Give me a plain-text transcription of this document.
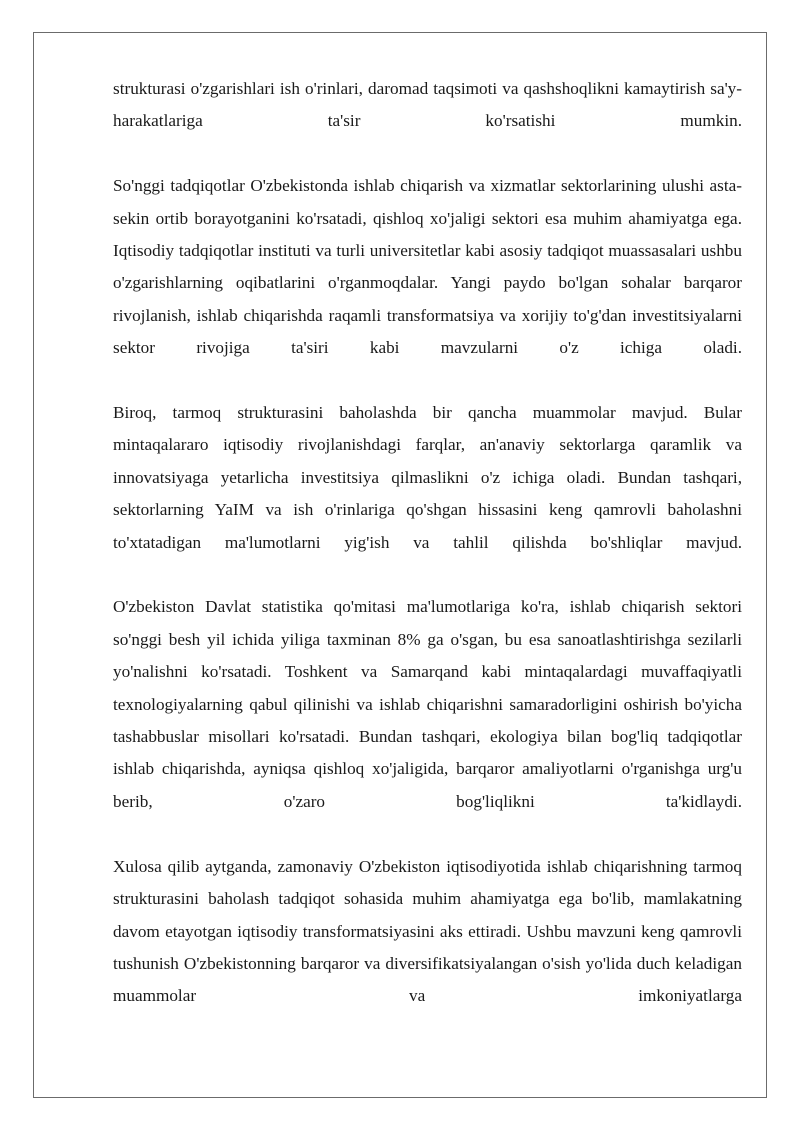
strukturasi o'zgarishlari ish o'rinlari, daromad taqsimoti va qashshoqlikni kamaytirish sa'y-harakatlariga ta'sir ko'rsatishi mumkin.

So'nggi tadqiqotlar O'zbekistonda ishlab chiqarish va xizmatlar sektorlarining ulushi asta-sekin ortib borayotganini ko'rsatadi, qishloq xo'jaligi sektori esa muhim ahamiyatga ega. Iqtisodiy tadqiqotlar instituti va turli universitetlar kabi asosiy tadqiqot muassasalari ushbu o'zgarishlarning oqibatlarini o'rganmoqdalar. Yangi paydo bo'lgan sohalar barqaror rivojlanish, ishlab chiqarishda raqamli transformatsiya va xorijiy to'g'dan investitsiyalarni sektor rivojiga ta'siri kabi mavzularni o'z ichiga oladi.

Biroq, tarmoq strukturasini baholashda bir qancha muammolar mavjud. Bular mintaqalararo iqtisodiy rivojlanishdagi farqlar, an'anaviy sektorlarga qaramlik va innovatsiyaga yetarlicha investitsiya qilmaslikni o'z ichiga oladi. Bundan tashqari, sektorlarning YaIM va ish o'rinlariga qo'shgan hissasini keng qamrovli baholashni to'xtatadigan ma'lumotlarni yig'ish va tahlil qilishda bo'shliqlar mavjud.

O'zbekiston Davlat statistika qo'mitasi ma'lumotlariga ko'ra, ishlab chiqarish sektori so'nggi besh yil ichida yiliga taxminan 8% ga o'sgan, bu esa sanoatlashtirishga sezilarli yo'nalishni ko'rsatadi. Toshkent va Samarqand kabi mintaqalardagi muvaffaqiyatli texnologiyalarning qabul qilinishi va ishlab chiqarishni samaradorligini oshirish bo'yicha tashabbuslar misollari ko'rsatadi. Bundan tashqari, ekologiya bilan bog'liq tadqiqotlar ishlab chiqarishda, ayniqsa qishloq xo'jaligida, barqaror amaliyotlarni o'rganishga urg'u berib, o'zaro bog'liqlikni ta'kidlaydi.

Xulosa qilib aytganda, zamonaviy O'zbekiston iqtisodiyotida ishlab chiqarishning tarmoq strukturasini baholash tadqiqot sohasida muhim ahamiyatga ega bo'lib, mamlakatning davom etayotgan iqtisodiy transformatsiyasini aks ettiradi. Ushbu mavzuni keng qamrovli tushunish O'zbekistonning barqaror va diversifikatsiyalangan o'sish yo'lida duch keladigan muammolar va imkoniyatlarga
